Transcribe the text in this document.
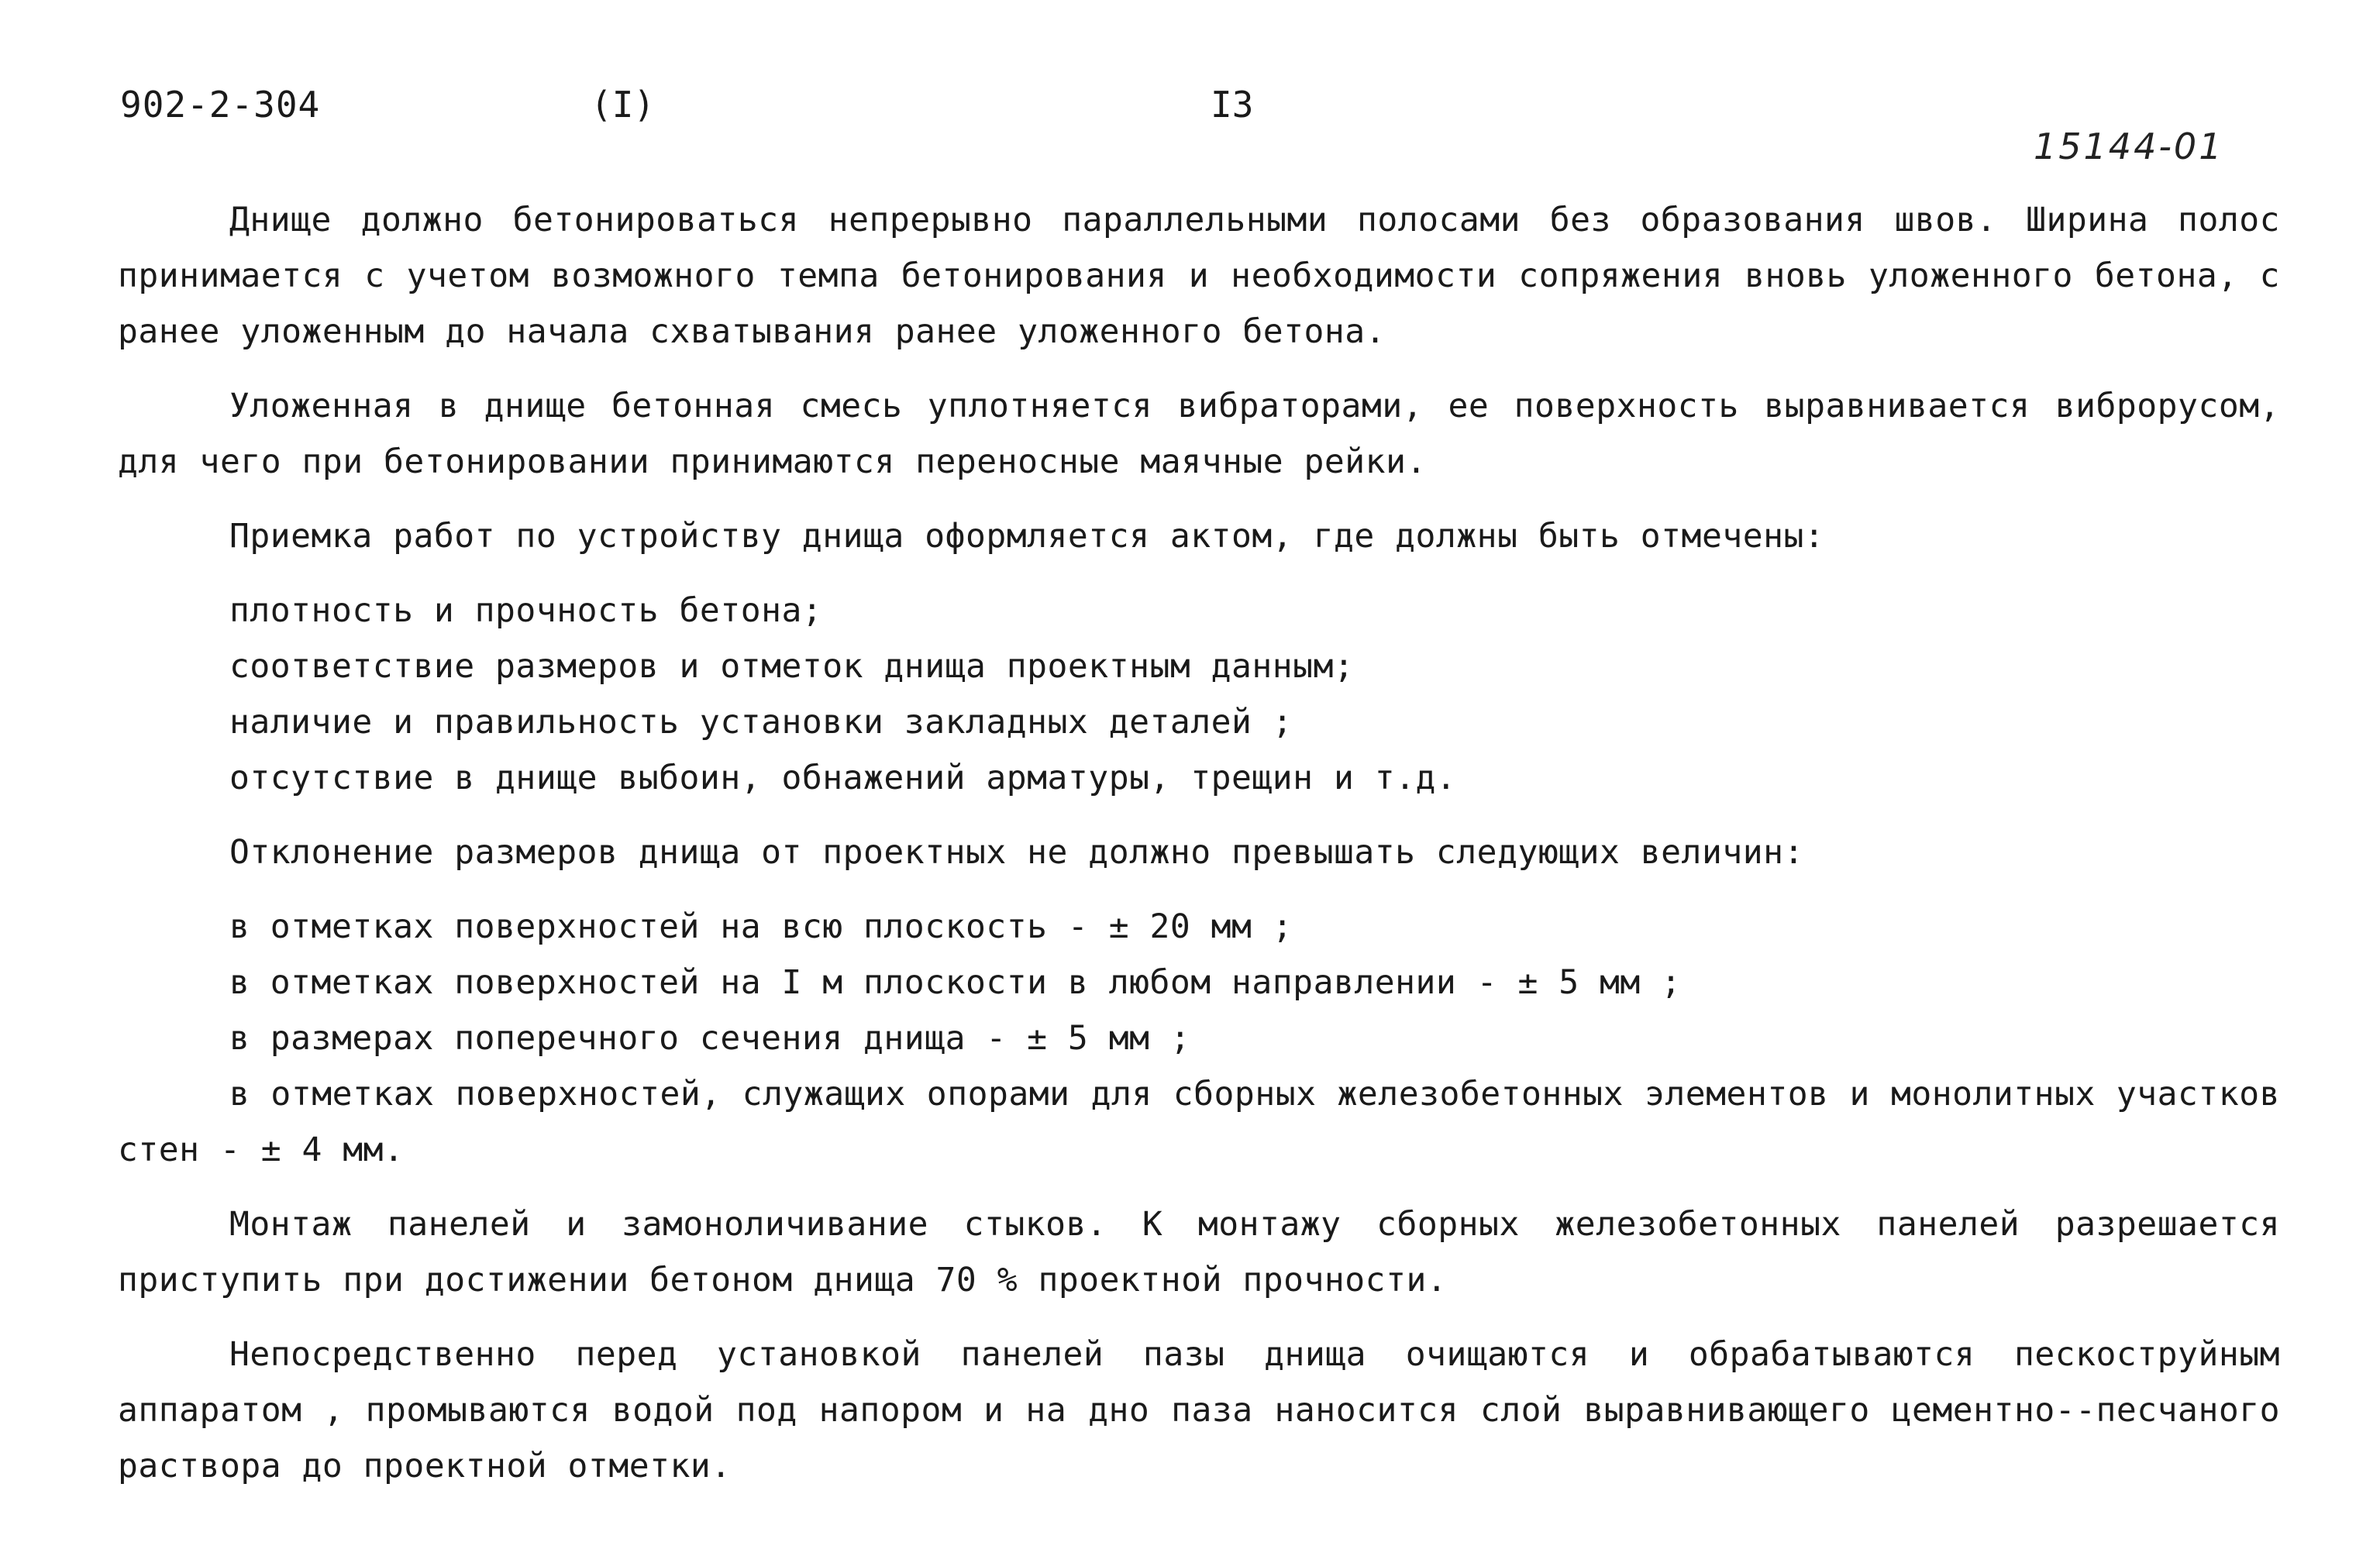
902-2-304	(I)	I3
15144-01

Днище должно бетонироваться непрерывно параллельными полосами без образования швов. Ширина полос принимается с учетом возможного темпа бетонирования и необходимости сопряжения вновь уложенного бетона, с ранее уложенным до начала схватывания ранее уложенного бетона.

Уложенная в днище бетонная смесь уплотняется вибраторами, ее поверхность выравнивается виброрусом, для чего при бетонировании принимаются переносные маячные рейки.

Приемка работ по устройству днища оформляется актом, где должны быть отмечены:

плотность и прочность бетона;

соответствие размеров и отметок днища проектным данным;

наличие и правильность установки закладных деталей ;

отсутствие в днище выбоин, обнажений арматуры, трещин и т.д.

Отклонение размеров днища от проектных не должно превышать следующих величин:

в отметках поверхностей на всю плоскость - ± 20 мм ;

в отметках поверхностей на I м плоскости в любом направлении - ± 5 мм ;

в размерах поперечного сечения днища - ± 5 мм ;

в отметках поверхностей, служащих опорами для сборных железобетонных элементов и монолитных участков стен - ± 4 мм.

Монтаж панелей и замоноличивание стыков. К монтажу сборных железобетонных панелей разрешается приступить при достижении бетоном днища 70 % проектной прочности.

Непосредственно перед установкой панелей пазы днища очищаются и обрабатываются пескоструйным аппаратом , промываются водой под напором и на дно паза наносится слой выравнивающего цементно--песчаного раствора до проектной отметки.
